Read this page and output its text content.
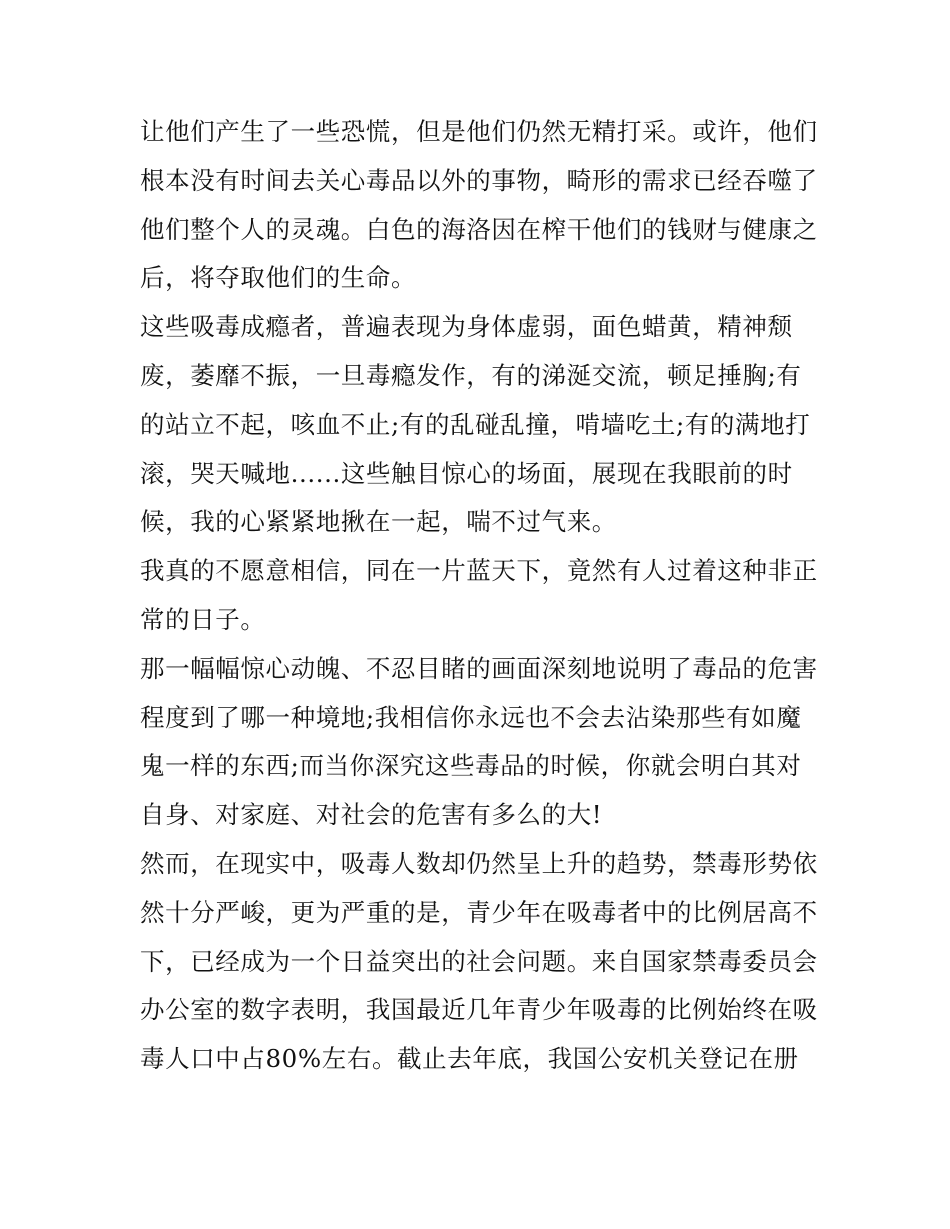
让他们产生了一些恐慌，但是他们仍然无精打采。或许，他们
根本没有时间去关心毒品以外的事物，畸形的需求已经吞噬了
他们整个人的灵魂。白色的海洛因在榨干他们的钱财与健康之
后，将夺取他们的生命。
这些吸毒成瘾者，普遍表现为身体虚弱，面色蜡黄，精神颓
废，萎靡不振，一旦毒瘾发作，有的涕涎交流，顿足捶胸;有
的站立不起，咳血不止;有的乱碰乱撞，啃墙吃土;有的满地打
滚，哭天喊地......这些触目惊心的场面，展现在我眼前的时
候，我的心紧紧地揪在一起，喘不过气来。
我真的不愿意相信，同在一片蓝天下，竟然有人过着这种非正
常的日子。
那一幅幅惊心动魄、不忍目睹的画面深刻地说明了毒品的危害
程度到了哪一种境地;我相信你永远也不会去沾染那些有如魔
鬼一样的东西;而当你深究这些毒品的时候，你就会明白其对
自身、对家庭、对社会的危害有多么的大!
然而，在现实中，吸毒人数却仍然呈上升的趋势，禁毒形势依
然十分严峻，更为严重的是，青少年在吸毒者中的比例居高不
下，已经成为一个日益突出的社会问题。来自国家禁毒委员会
办公室的数字表明，我国最近几年青少年吸毒的比例始终在吸
毒人口中占80%左右。截止去年底，我国公安机关登记在册
